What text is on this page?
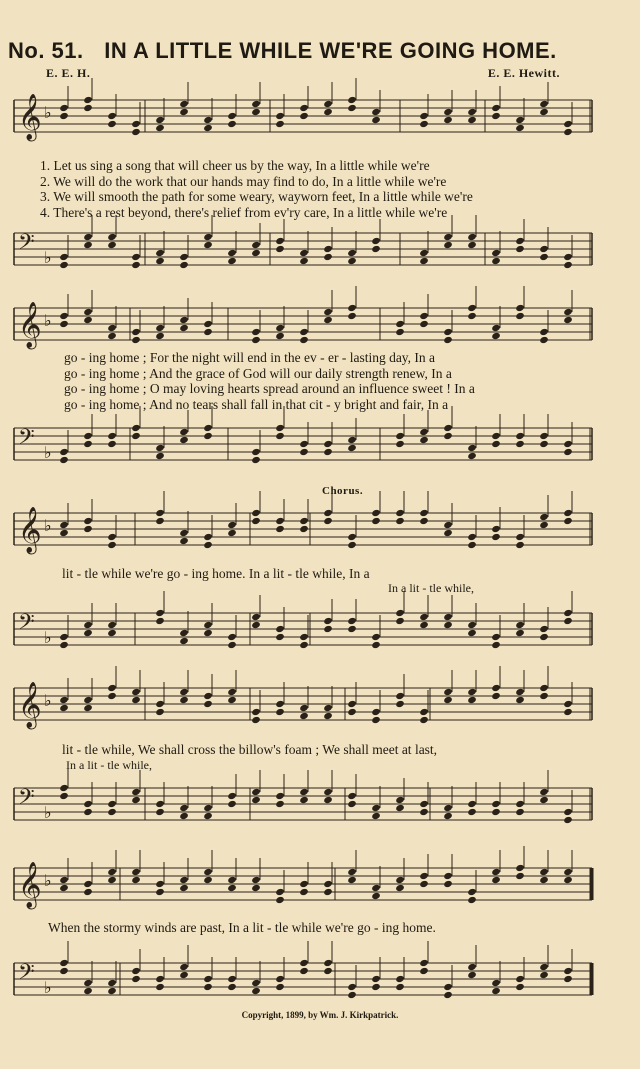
No. 51. IN A LITTLE WHILE WE'RE GOING HOME.
E. E. H.	E. E. Hewitt.
𝄞 ♭
1. Let us sing a song that will cheer us by the way, In a little while we're
2. We will do the work that our hands may find to do, In a little while we're
3. We will smooth the path for some weary, wayworn feet, In a little while we're
4. There's a rest beyond, there's relief from ev'ry care, In a little while we're
𝄢 ♭
𝄞 ♭
go - ing home ; For the night will end in the ev - er - lasting day, In a
go - ing home ; And the grace of God will our daily strength renew, In a
go - ing home ; O may loving hearts spread around an influence sweet ! In a
go - ing home ; And no tears shall fall in that cit - y bright and fair, In a
𝄢 ♭
Chorus.
𝄞 ♭
lit - tle while we're go - ing home. In a lit - tle while, In a
In a lit - tle while,
𝄢 ♭
𝄞 ♭
lit - tle while, We shall cross the billow's foam ; We shall meet at last,
In a lit - tle while,
𝄢 ♭
𝄞 ♭
When the stormy winds are past, In a lit - tle while we're go - ing home.
𝄢 ♭
Copyright, 1899, by Wm. J. Kirkpatrick.
